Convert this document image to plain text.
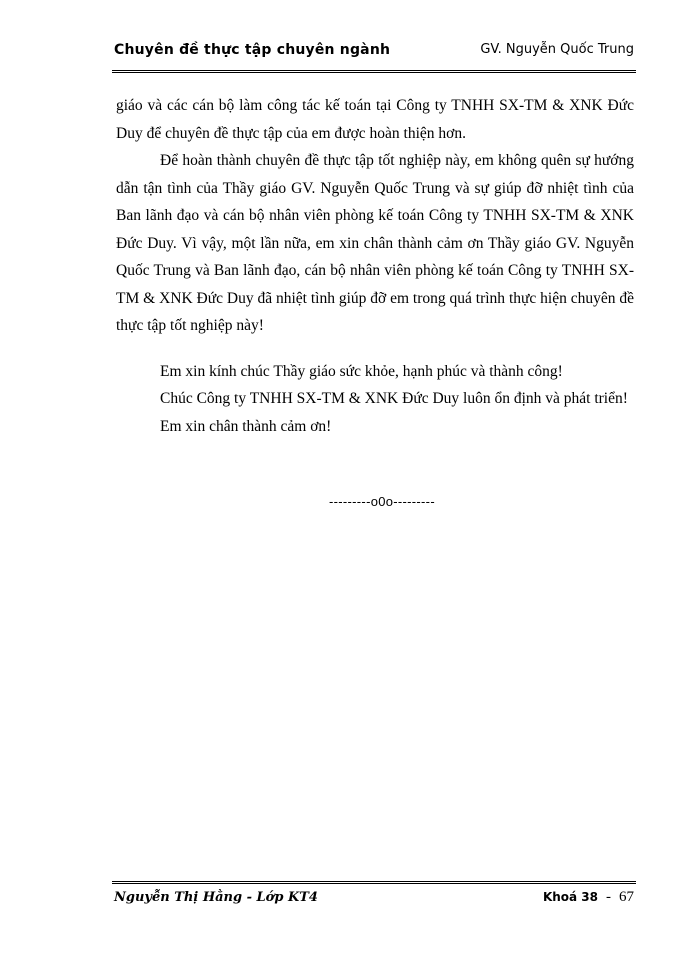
Chuyên đề thực tập chuyên ngành	GV. Nguyễn Quốc Trung

giáo và các cán bộ làm công tác kế toán tại Công ty TNHH SX-TM & XNK Đức Duy để chuyên đề thực tập của em được hoàn thiện hơn.

Để hoàn thành chuyên đề thực tập tốt nghiệp này, em không quên sự hướng dẫn tận tình của Thầy giáo GV. Nguyễn Quốc Trung và sự giúp đỡ nhiệt tình của Ban lãnh đạo và cán bộ nhân viên phòng kế toán Công ty TNHH SX-TM & XNK Đức Duy. Vì vậy, một lần nữa, em xin chân thành cảm ơn Thầy giáo GV. Nguyễn Quốc Trung và Ban lãnh đạo, cán bộ nhân viên phòng kế toán Công ty TNHH SX-TM & XNK Đức Duy đã nhiệt tình giúp đỡ em trong quá trình thực hiện chuyên đề thực tập tốt nghiệp này!

Em xin kính chúc Thầy giáo sức khỏe, hạnh phúc và thành công!

Chúc Công ty TNHH SX-TM & XNK Đức Duy luôn ổn định và phát triển!

Em xin chân thành cảm ơn!

---------o0o---------
Nguyễn Thị Hằng - Lớp KT4	Khoá 38 - 67
